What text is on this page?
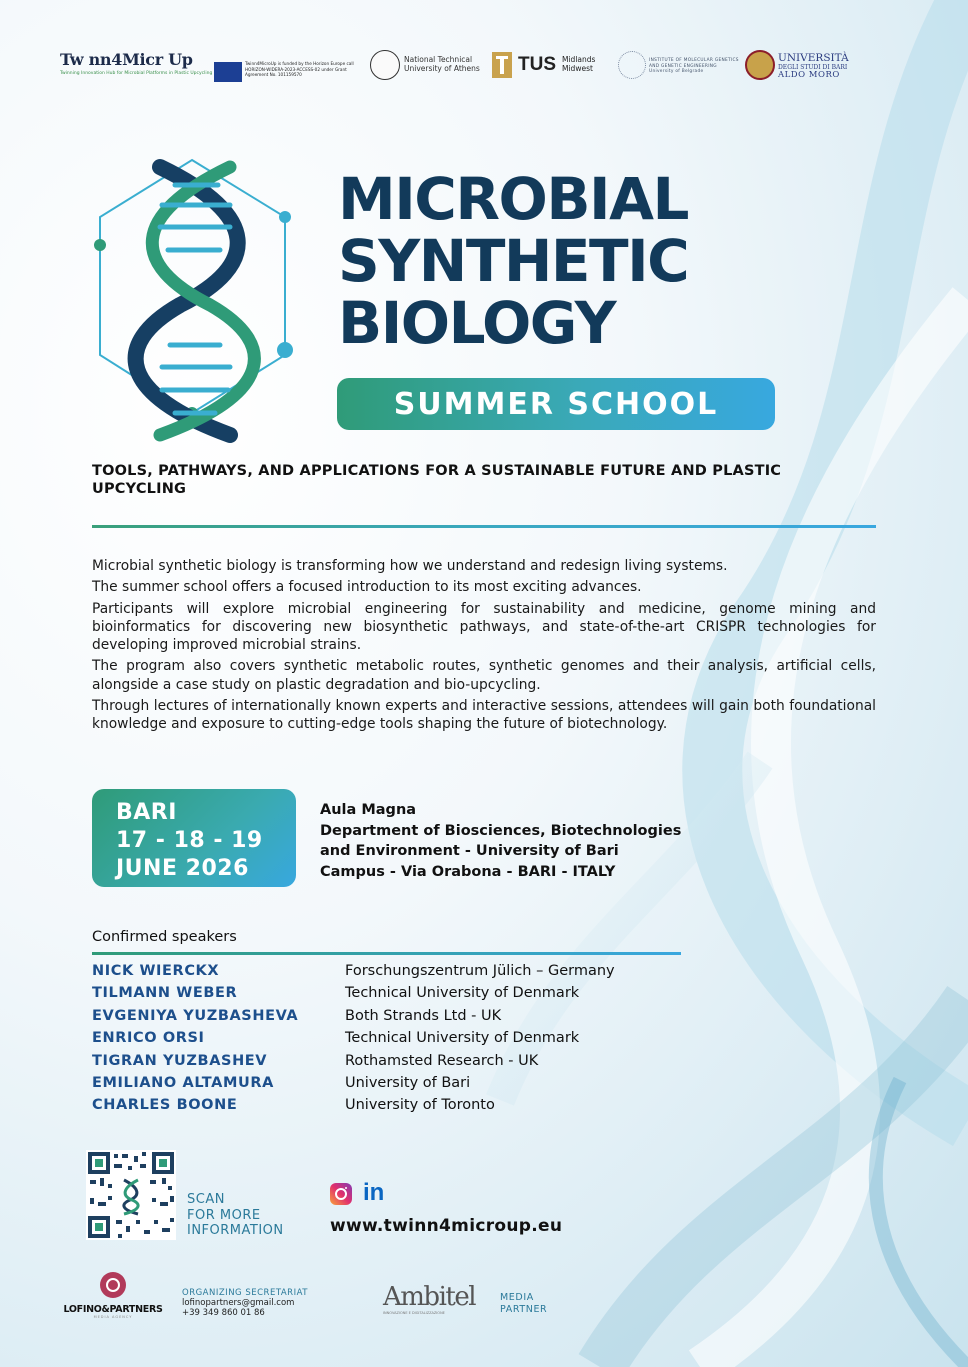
Tw nn4Micr Up
Twinning Innovation Hub for Microbial Platforms in Plastic Upcycling
Twinn4MicroUp is funded by the Horizon Europe call HORIZON-WIDERA-2023-ACCESS-02 under Grant Agreement No. 101159570
National Technical
University of Athens TUS Midlands
Midwest
INSTITUTE OF MOLECULAR GENETICS
AND GENETIC ENGINEERING
University of Belgrade
UNIVERSITÀ
DEGLI STUDI DI BARI
ALDO MORO
MICROBIAL
SYNTHETIC
BIOLOGY
SUMMER SCHOOL
TOOLS, PATHWAYS, AND APPLICATIONS FOR A SUSTAINABLE FUTURE AND PLASTIC UPCYCLING

Microbial synthetic biology is transforming how we understand and redesign living systems.

The summer school offers a focused introduction to its most exciting advances.

Participants will explore microbial engineering for sustainability and medicine, genome mining and bioinformatics for discovering new biosynthetic pathways, and state-of-the-art CRISPR technologies for developing improved microbial strains.

The program also covers synthetic metabolic routes, synthetic genomes and their analysis, artificial cells, alongside a case study on plastic degradation and bio-upcycling.

Through lectures of internationally known experts and interactive sessions, attendees will gain both foundational knowledge and exposure to cutting-edge tools shaping the future of biotechnology.

BARI
17 - 18 - 19
JUNE 2026
Aula Magna
Department of Biosciences, Biotechnologies
and Environment - University of Bari
Campus - Via Orabona - BARI - ITALY
Confirmed speakers
NICK WIERCKX	Forschungszentrum Jülich – Germany
TILMANN WEBER	Technical University of Denmark
EVGENIYA YUZBASHEVA	Both Strands Ltd - UK
ENRICO ORSI	Technical University of Denmark
TIGRAN YUZBASHEV	Rothamsted Research - UK
EMILIANO ALTAMURA	University of Bari
CHARLES BOONE	University of Toronto
SCAN
FOR MORE
INFORMATION
in
www.twinn4microup.eu
LOFINO&PARTNERS
MEDIA AGENCY
ORGANIZING SECRETARIAT
lofinopartners@gmail.com
+39 349 860 01 86
Ambitel
INNOVAZIONE E DIGITALIZZAZIONE
MEDIA
PARTNER
